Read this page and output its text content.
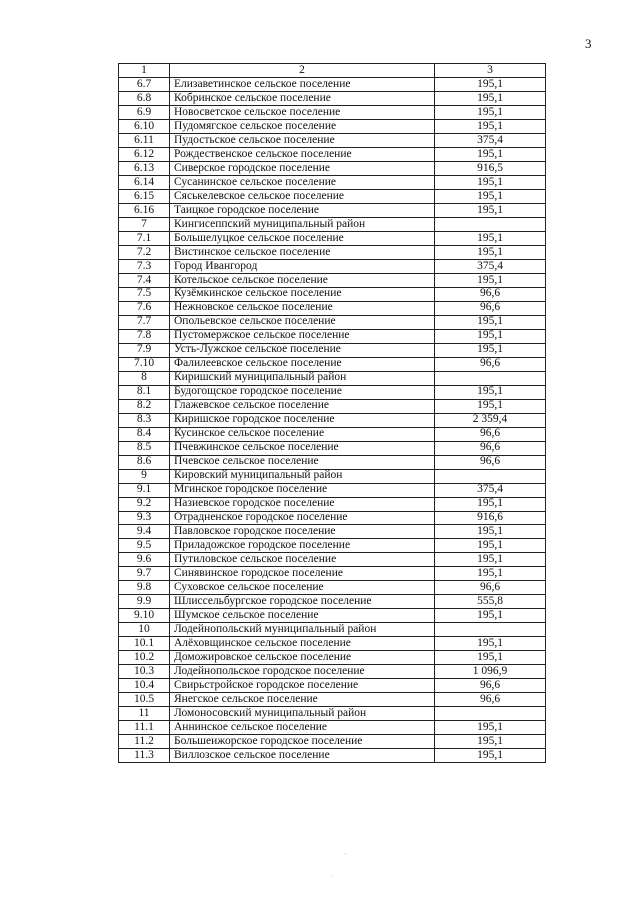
3
1	2	3
6.7	Елизаветинское сельское поселение	195,1
6.8	Кобринское сельское поселение	195,1
6.9	Новосветское сельское поселение	195,1
6.10	Пудомягское сельское поселение	195,1
6.11	Пудостьское сельское поселение	375,4
6.12	Рождественское сельское поселение	195,1
6.13	Сиверское городское поселение	916,5
6.14	Сусанинское сельское поселение	195,1
6.15	Сяськелевское сельское поселение	195,1
6.16	Таицкое городское поселение	195,1
7	Кингисеппский муниципальный район	
7.1	Большелуцкое сельское поселение	195,1
7.2	Вистинское сельское поселение	195,1
7.3	Город Ивангород	375,4
7.4	Котельское сельское поселение	195,1
7.5	Кузёмкинское сельское поселение	96,6
7.6	Нежновское сельское поселение	96,6
7.7	Опольевское сельское поселение	195,1
7.8	Пустомержское сельское поселение	195,1
7.9	Усть-Лужское сельское поселение	195,1
7.10	Фалилеевское сельское поселение	96,6
8	Киришский муниципальный район	
8.1	Будогощское городское поселение	195,1
8.2	Глажевское сельское поселение	195,1
8.3	Киришское городское поселение	2 359,4
8.4	Кусинское сельское поселение	96,6
8.5	Пчевжинское сельское поселение	96,6
8.6	Пчевское сельское поселение	96,6
9	Кировский муниципальный район	
9.1	Мгинское городское поселение	375,4
9.2	Назиевское городское поселение	195,1
9.3	Отрадненское городское поселение	916,6
9.4	Павловское городское поселение	195,1
9.5	Приладожское городское поселение	195,1
9.6	Путиловское сельское поселение	195,1
9.7	Синявинское городское поселение	195,1
9.8	Суховское сельское поселение	96,6
9.9	Шлиссельбургское городское поселение	555,8
9.10	Шумское сельское поселение	195,1
10	Лодейнопольский муниципальный район	
10.1	Алёховщинское сельское поселение	195,1
10.2	Доможировское сельское поселение	195,1
10.3	Лодейнопольское городское поселение	1 096,9
10.4	Свирьстройское городское поселение	96,6
10.5	Янегское сельское поселение	96,6
11	Ломоносовский муниципальный район	
11.1	Аннинское сельское поселение	195,1
11.2	Большеижорское городское поселение	195,1
11.3	Виллозское сельское поселение	195,1
